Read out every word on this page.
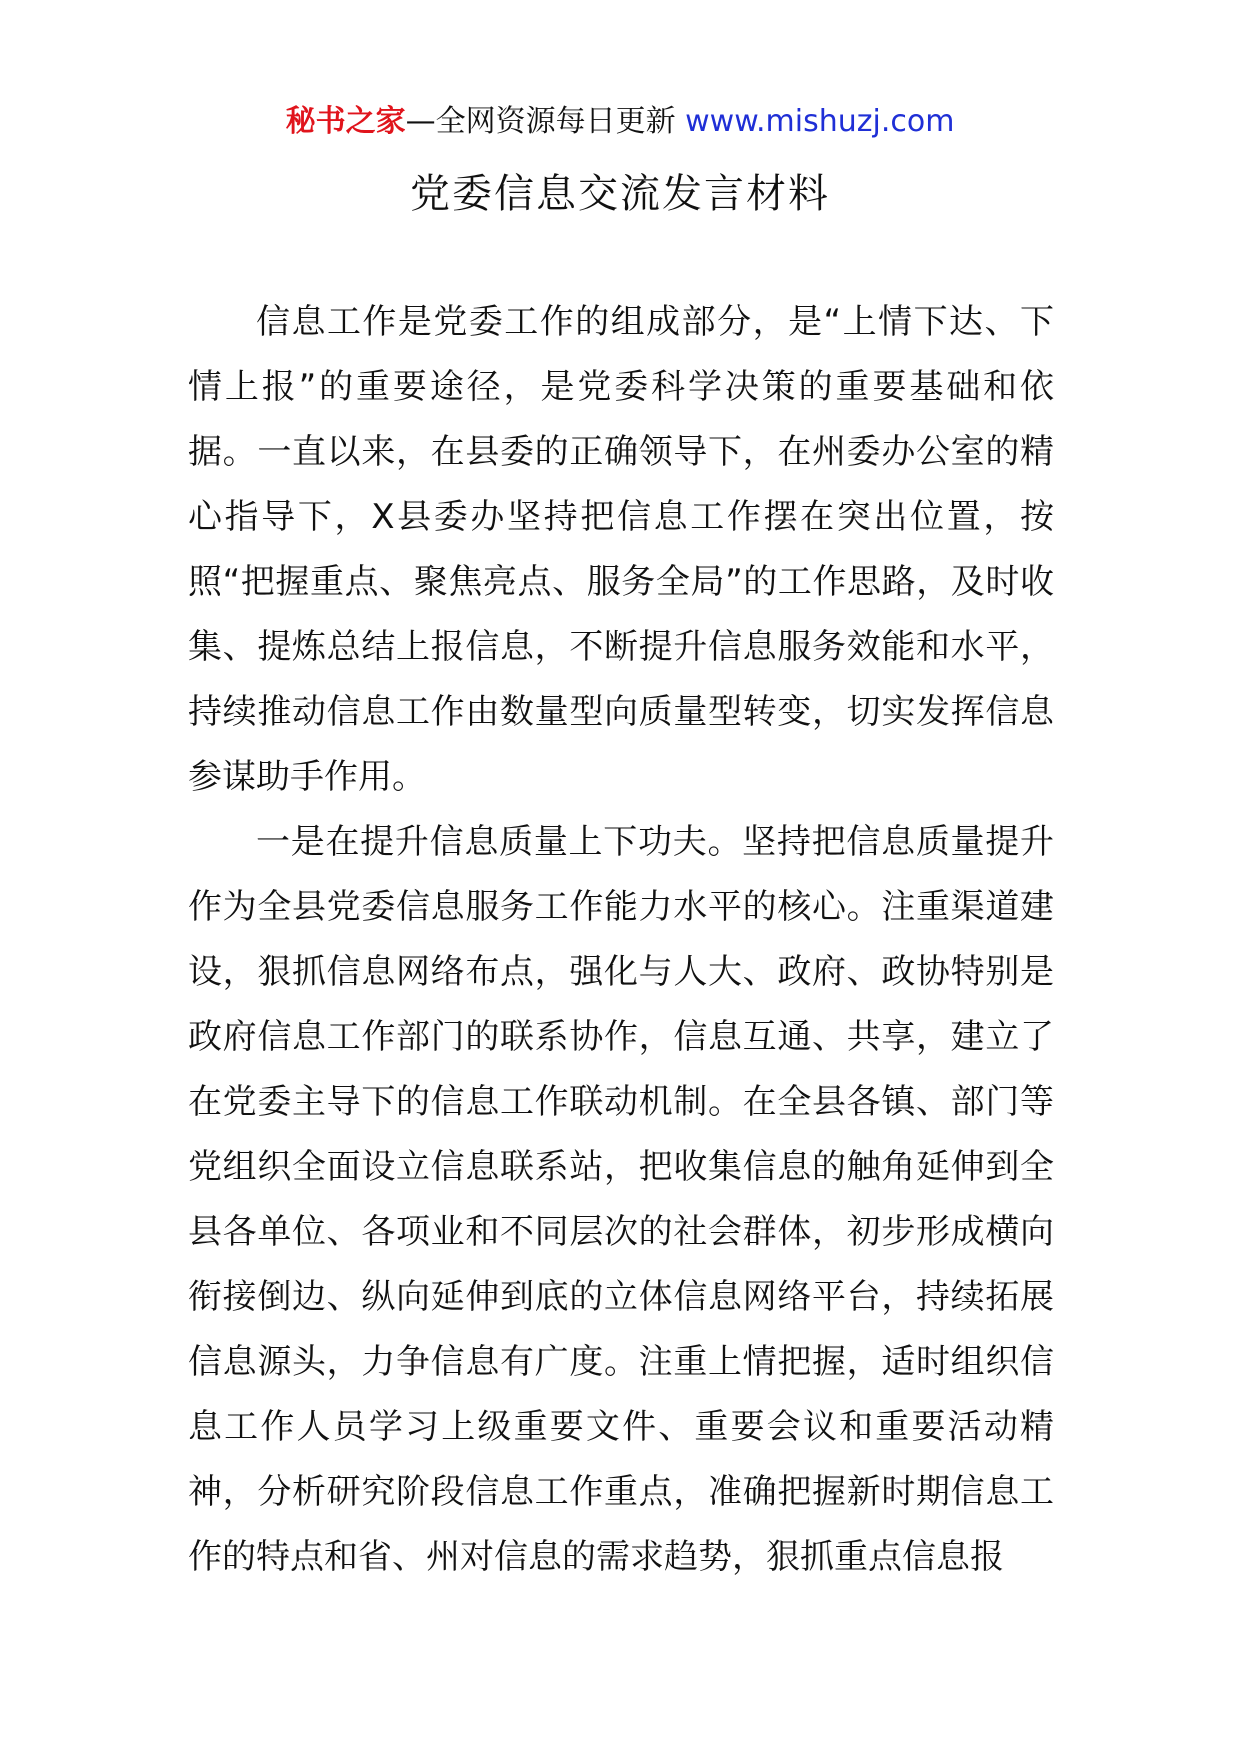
秘书之家—全网资源每日更新 www.mishuzj.com
党委信息交流发言材料

信息工作是党委工作的组成部分，是“上情下达、下情上报”的重要途径，是党委科学决策的重要基础和依据。一直以来，在县委的正确领导下，在州委办公室的精心指导下，X县委办坚持把信息工作摆在突出位置，按照“把握重点、聚焦亮点、服务全局”的工作思路，及时收集、提炼总结上报信息，不断提升信息服务效能和水平，持续推动信息工作由数量型向质量型转变，切实发挥信息参谋助手作用。

一是在提升信息质量上下功夫。坚持把信息质量提升作为全县党委信息服务工作能力水平的核心。注重渠道建设，狠抓信息网络布点，强化与人大、政府、政协特别是政府信息工作部门的联系协作，信息互通、共享，建立了在党委主导下的信息工作联动机制。在全县各镇、部门等党组织全面设立信息联系站，把收集信息的触角延伸到全县各单位、各项业和不同层次的社会群体，初步形成横向衔接倒边、纵向延伸到底的立体信息网络平台，持续拓展信息源头，力争信息有广度。注重上情把握，适时组织信息工作人员学习上级重要文件、重要会议和重要活动精神，分析研究阶段信息工作重点，准确把握新时期信息工作的特点和省、州对信息的需求趋势，狠抓重点信息报
